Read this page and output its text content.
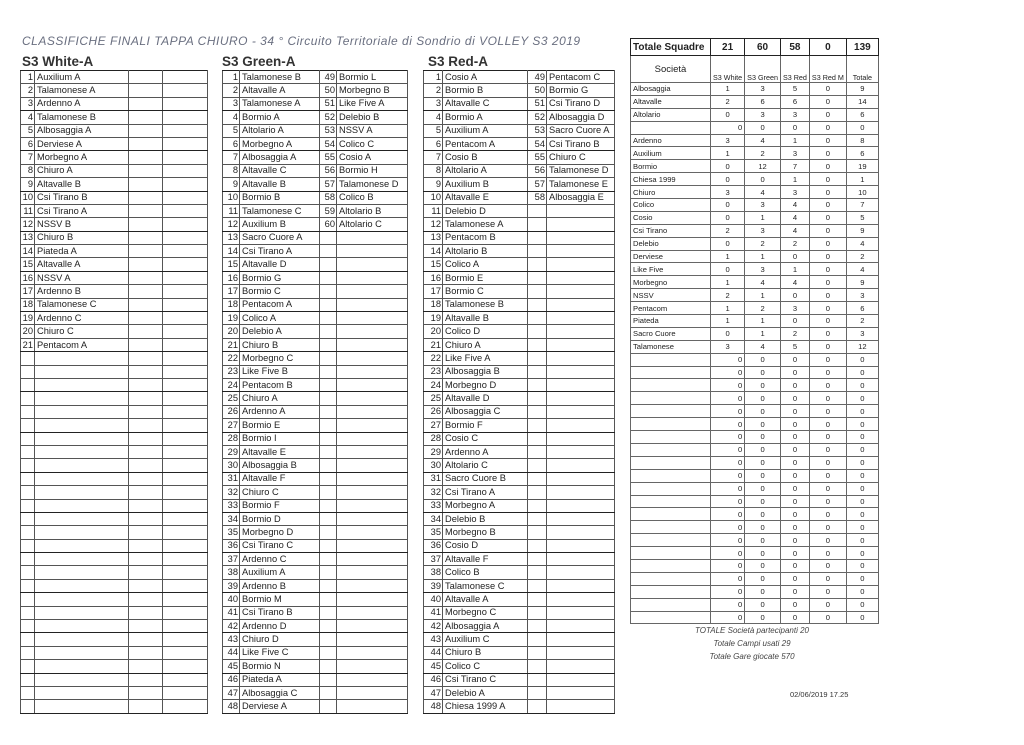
CLASSIFICHE FINALI TAPPA CHIURO - 34 ° Circuito Territoriale di Sondrio di VOLLEY S3 2019
S3 White-A	S3 Green-A	S3 Red-A
1	Auxilium A		
2	Talamonese A		
3	Ardenno A		
4	Talamonese B		
5	Albosaggia A		
6	Derviese A		
7	Morbegno A		
8	Chiuro A		
9	Altavalle B		
10	Csi Tirano B		
11	Csi Tirano A		
12	NSSV B		
13	Chiuro B		
14	Piateda A		
15	Altavalle A		
16	NSSV A		
17	Ardenno B		
18	Talamonese C		
19	Ardenno C		
20	Chiuro C		
21	Pentacom A		

1	Talamonese B	49	Bormio L
2	Altavalle A	50	Morbegno B
3	Talamonese A	51	Like Five A
4	Bormio A	52	Delebio B
5	Altolario A	53	NSSV A
6	Morbegno A	54	Colico C
7	Albosaggia A	55	Cosio A
8	Altavalle C	56	Bormio H
9	Altavalle B	57	Talamonese D
10	Bormio B	58	Colico B
11	Talamonese C	59	Altolario B
12	Auxilium B	60	Altolario C
13	Sacro Cuore A		
14	Csi Tirano A		
15	Altavalle D		
16	Bormio G		
17	Bormio C		
18	Pentacom A		
19	Colico A		
20	Delebio A		
21	Chiuro B		
22	Morbegno C		
23	Like Five B		
24	Pentacom B		
25	Chiuro A		
26	Ardenno A		
27	Bormio E		
28	Bormio I		
29	Altavalle E		
30	Albosaggia B		
31	Altavalle F		
32	Chiuro C		
33	Bormio F		
34	Bormio D		
35	Morbegno D		
36	Csi Tirano C		
37	Ardenno C		
38	Auxilium A		
39	Ardenno B		
40	Bormio M		
41	Csi Tirano B		
42	Ardenno D		
43	Chiuro D		
44	Like Five C		
45	Bormio N		
46	Piateda A		
47	Albosaggia C		
48	Derviese A		
1	Cosio A	49	Pentacom C
2	Bormio B	50	Bormio G
3	Altavalle C	51	Csi Tirano D
4	Bormio A	52	Albosaggia D
5	Auxilium A	53	Sacro Cuore A
6	Pentacom A	54	Csi Tirano B
7	Cosio B	55	Chiuro C
8	Altolario A	56	Talamonese D
9	Auxilium B	57	Talamonese E
10	Altavalle E	58	Albosaggia E
11	Delebio D		
12	Talamonese A		
13	Pentacom B		
14	Altolario B		
15	Colico A		
16	Bormio E		
17	Bormio C		
18	Talamonese B		
19	Altavalle B		
20	Colico D		
21	Chiuro A		
22	Like Five A		
23	Albosaggia B		
24	Morbegno D		
25	Altavalle D		
26	Albosaggia C		
27	Bormio F		
28	Cosio C		
29	Ardenno A		
30	Altolario C		
31	Sacro Cuore B		
32	Csi Tirano A		
33	Morbegno A		
34	Delebio B		
35	Morbegno B		
36	Cosio D		
37	Altavalle F		
38	Colico B		
39	Talamonese C		
40	Altavalle A		
41	Morbegno C		
42	Albosaggia A		
43	Auxilium C		
44	Chiuro B		
45	Colico C		
46	Csi Tirano C		
47	Delebio A		
48	Chiesa 1999 A		
Totale Squadre	21	60	58	0	139
Società	S3 White	S3 Green	S3 Red	S3 Red M	Totale
Albosaggia	1	3	5	0	9
Altavalle	2	6	6	0	14
Altolario	0	3	3	0	6
	0	0	0	0	0
Ardenno	3	4	1	0	8
Auxilium	1	2	3	0	6
Bormio	0	12	7	0	19
Chiesa 1999	0	0	1	0	1
Chiuro	3	4	3	0	10
Colico	0	3	4	0	7
Cosio	0	1	4	0	5
Csi Tirano	2	3	4	0	9
Delebio	0	2	2	0	4
Derviese	1	1	0	0	2
Like Five	0	3	1	0	4
Morbegno	1	4	4	0	9
NSSV	2	1	0	0	3
Pentacom	1	2	3	0	6
Piateda	1	1	0	0	2
Sacro Cuore	0	1	2	0	3
Talamonese	3	4	5	0	12
	0	0	0	0	0
	0	0	0	0	0
	0	0	0	0	0
	0	0	0	0	0
	0	0	0	0	0
	0	0	0	0	0
	0	0	0	0	0
	0	0	0	0	0
	0	0	0	0	0
	0	0	0	0	0
	0	0	0	0	0
	0	0	0	0	0
	0	0	0	0	0
	0	0	0	0	0
	0	0	0	0	0
	0	0	0	0	0
	0	0	0	0	0
	0	0	0	0	0
	0	0	0	0	0
	0	0	0	0	0
	0	0	0	0	0
TOTALE Società partecipanti 20
Totale Campi usati 29
Totale Gare giocate 570
02/06/2019 17.25
